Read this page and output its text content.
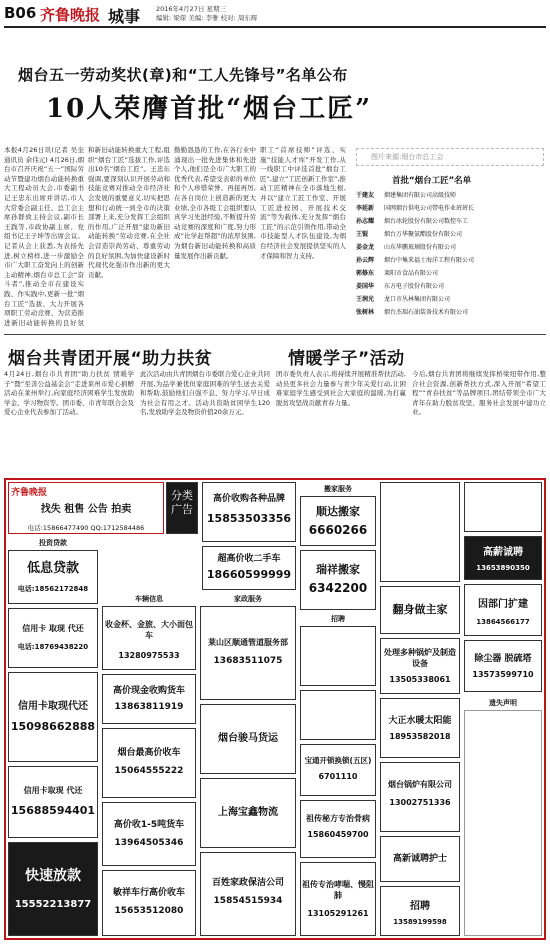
B06 齐鲁晚报 城事 2016年4月27日 星期三
编辑: 梁琛 美编: 李雅 校对: 周东辉
烟台五一劳动奖状(章)和“工人先锋号”名单公布
10人荣膺首批“烟台工匠”
本报4月26日讯(记者 吴奎 通讯员 余伟元) 4月26日,烟台市召开庆祝“五一”国际劳动节暨建功烟台动能转换重大工程动员大会,市委副书记王忠东出席并讲话,市人大常委会副主任、总工会主席孙群致主持会议,副市长王践等,市政协副主席、党组书记王子坤等出席会议。记者从会上获悉,为表扬先进,树立榜样,进一步激励全市广大职工奋发向上的创新主动精神,烟台市总工会“奋斗者”,推动全市在建设实践、作实践中,更新一批“烟台工匠”选拔、大力开展各项职工劳动竞赛、为营造推进新旧动能转换的良好氛
和新旧动能转换重大工程,组织“烟台工匠”选拔工作,评选出10名“烟台工匠”。王忠东强调,要深刻认识开展劳动和技能竞赛对推动全市经济社会发展的重要意义,切实把思想和行动统一到全市的决策部署上来,充分发挥工会组织的作用,广泛开展“建功新旧动能转换”劳动竞赛,在全社会营造崇尚劳动、尊重劳动的良好氛围,为加快建设新时代现代化强市作出新的更大贡献。
勤勤恳恳的工作,在各行业中涌现出一批先进集体和先进个人,他们是全市广大职工的优秀代表,希望受表彰的单位和个人珍惜荣誉、再接再厉,在各自岗位上创造新的更大业绩,全市各级工会组织要认真学习先进经验,不断提升劳动竞赛的深度和广度,努力形成“比学赶帮超”的浓厚氛围,为烟台新旧动能转换和高质量发展作出新贡献。
职工“首席技师”评选、实施“技能人才库”开发工作,从一线职工中评选首批“烟台工匠”,建立“工匠创新工作室”,推动工匠精神在全市落地生根,并以“建立工匠工作室、开展工匠进校园、开展技术交流”等为载体,充分发挥“烟台工匠”的示范引领作用,带动全市技能型人才队伍建设,为烟台经济社会发展提供坚实的人才保障和智力支持。
图片来源:烟台市总工会
首批“烟台工匠”名单
于建友 烟建集团有限公司高级技师
李延新 国网烟台供电公司带电作业班班长
孙志耀 烟台冰轮股份有限公司数控车工
王锟	烟台万华聚氨酯股份有限公司
姜金龙 山东华鹏玻璃股份有限公司
孙云辉 烟台中集来福士海洋工程有限公司
郭修东 莱阳市食品有限公司
姜国华 东方电子股份有限公司
王润光 龙口市丛林集团有限公司
张树林 烟台杰瑞石油装备技术有限公司
烟台共青团开展“助力扶贫	情暖学子”活动
4月24日,烟台市共青团“助力扶贫 情暖学子”暨“至善公益基金会”走进莱州市爱心捐赠活动在莱州举行,向家庭经济困难学生发放助学金、学习物资等。团市委、市青年联合会及爱心企业代表参加了活动。
此次活动由共青团烟台市委联合爱心企业共同开展,为品学兼优但家庭困难的学生送去关爱和帮助,鼓励他们自强不息、努力学习,早日成为社会有用之才。活动共资助贫困学生120名,发放助学金及物资价值20余万元。
团市委负责人表示,将持续开展精准帮扶活动,动员更多社会力量参与青少年关爱行动,让困难家庭学生感受到社会大家庭的温暖,为打赢脱贫攻坚战贡献青春力量。
今后,烟台共青团将继续发挥桥梁纽带作用,整合社会资源,创新帮扶方式,深入开展“希望工程”“青春扶贫”等品牌项目,团结带领全市广大青年在助力脱贫攻坚、服务社会发展中建功立业。
齐鲁晚报
找失 租售 公告 拍卖
电话:15866477490 QQ:1712584486
分类广告
投资贷款
低息贷款
电话:18562172848
信用卡 取现 代还
电话:18769438220
信用卡取现代还
15098662888
信用卡取现 代还
15688594401
快速放款
15552213877
高价收购各种品牌
15853503356
超高价收二手车
18660599999
车辆信息
收金杯、金旅、大小面包车
13280975533
高价现金收购货车
13863811919
烟台最高价收车
15064555222
高价收1-5吨货车
13964505346
敏祥车行高价收车
15653512080
家政服务
莱山区顺通管道服务部
13683511075
烟台骏马货运
上海宝鑫物流
百姓家政保洁公司
15854515934
搬家服务
顺达搬家
6660266
瑞祥搬家
6342200
招聘
宝通开锁换锁(五区)
6701110
祖传秘方专治骨病
15860459700
祖传专治哮喘、慢阻肺
13105291261
翻身做主家
处理多种锅炉及制造设备
13505338061
大正水暖太阳能
18953582018
烟台锅炉有限公司
13002751336
高新诚聘护士
招聘
13589199598
高薪诚聘
13653890350
因部门扩建
13864566177
除尘器 脱硫塔
13573599710
遗失声明
